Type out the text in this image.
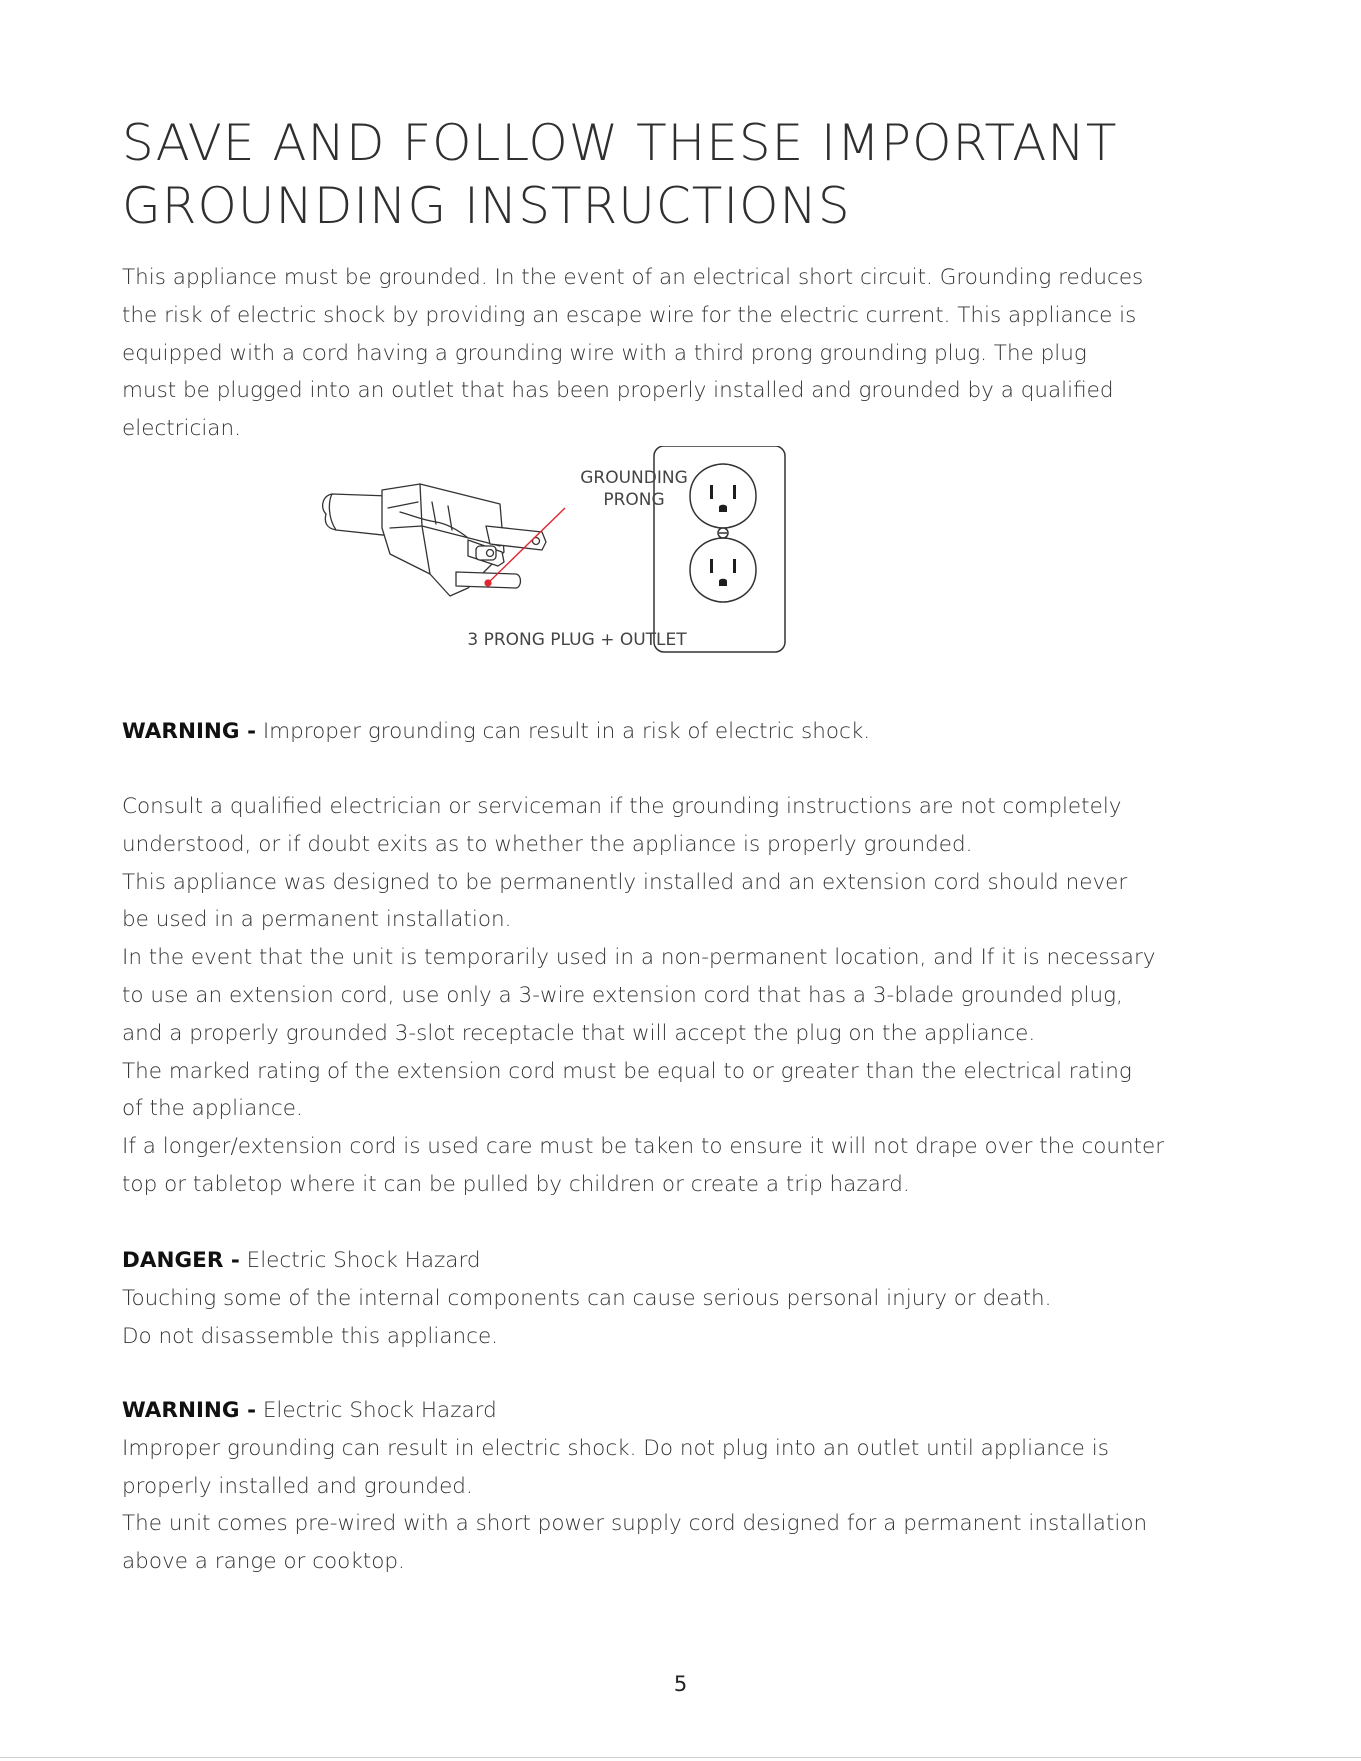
SAVE AND FOLLOW THESE IMPORTANT
GROUNDING INSTRUCTIONS

This appliance must be grounded. In the event of an electrical short circuit. Grounding reduces

the risk of electric shock by providing an escape wire for the electric current. This appliance is

equipped with a cord having a grounding wire with a third prong grounding plug. The plug

must be plugged into an outlet that has been properly installed and grounded by a qualified

electrician.

GROUNDING
PRONG
3 PRONG PLUG + OUTLET

WARNING - Improper grounding can result in a risk of electric shock.

Consult a qualified electrician or serviceman if the grounding instructions are not completely

understood, or if doubt exits as to whether the appliance is properly grounded.

This appliance was designed to be permanently installed and an extension cord should never

be used in a permanent installation.

In the event that the unit is temporarily used in a non-permanent location, and If it is necessary

to use an extension cord, use only a 3-wire extension cord that has a 3-blade grounded plug,

and a properly grounded 3-slot receptacle that will accept the plug on the appliance.

The marked rating of the extension cord must be equal to or greater than the electrical rating

of the appliance.

If a longer/extension cord is used care must be taken to ensure it will not drape over the counter

top or tabletop where it can be pulled by children or create a trip hazard.

DANGER - Electric Shock Hazard

Touching some of the internal components can cause serious personal injury or death.

Do not disassemble this appliance.

WARNING - Electric Shock Hazard

Improper grounding can result in electric shock. Do not plug into an outlet until appliance is

properly installed and grounded.

The unit comes pre-wired with a short power supply cord designed for a permanent installation

above a range or cooktop.

5
